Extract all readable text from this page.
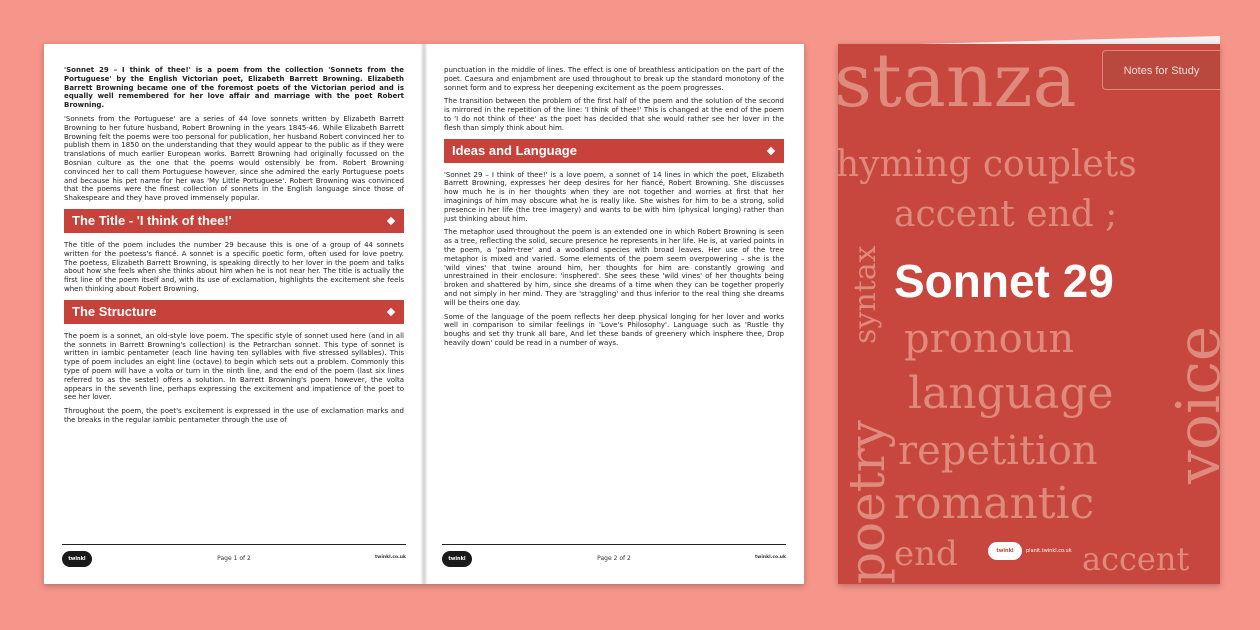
'Sonnet 29 – I think of thee!' is a poem from the collection 'Sonnets from the Portuguese' by the English Victorian poet, Elizabeth Barrett Browning. Elizabeth Barrett Browning became one of the foremost poets of the Victorian period and is equally well remembered for her love affair and marriage with the poet Robert Browning.

'Sonnets from the Portuguese' are a series of 44 love sonnets written by Elizabeth Barrett Browning to her future husband, Robert Browning in the years 1845-46. While Elizabeth Barrett Browning felt the poems were too personal for publication, her husband Robert convinced her to publish them in 1850 on the understanding that they would appear to the public as if they were translations of much earlier European works. Barrett Browning had originally focussed on the Bosnian culture as the one that the poems would ostensibly be from. Robert Browning convinced her to call them Portuguese however, since she admired the early Portuguese poets and because his pet name for her was 'My Little Portuguese'. Robert Browning was convinced that the poems were the finest collection of sonnets in the English language since those of Shakespeare and they have proved immensely popular.

The Title - 'I think of thee!'

The title of the poem includes the number 29 because this is one of a group of 44 sonnets written for the poetess's fiancé. A sonnet is a specific poetic form, often used for love poetry. The poetess, Elizabeth Barrett Browning, is speaking directly to her lover in the poem and talks about how she feels when she thinks about him when he is not near her. The title is actually the first line of the poem itself and, with its use of exclamation, highlights the excitement she feels when thinking about Robert Browning.

The Structure

The poem is a sonnet, an old-style love poem. The specific style of sonnet used here (and in all the sonnets in Barrett Browning's collection) is the Petrarchan sonnet. This type of sonnet is written in iambic pentameter (each line having ten syllables with five stressed syllables). This type of poem includes an eight line (octave) to begin which sets out a problem. Commonly this type of poem will have a volta or turn in the ninth line, and the end of the poem (last six lines referred to as the sestet) offers a solution. In Barrett Browning's poem however, the volta appears in the seventh line, perhaps expressing the excitement and impatience of the poet to see her lover.

Throughout the poem, the poet's excitement is expressed in the use of exclamation marks and the breaks in the regular iambic pentameter through the use of

twinkl	Page 1 of 2	twinkl.co.uk

punctuation in the middle of lines. The effect is one of breathless anticipation on the part of the poet. Caesura and enjambment are used throughout to break up the standard monotony of the sonnet form and to express her deepening excitement as the poem progresses.

The transition between the problem of the first half of the poem and the solution of the second is mirrored in the repetition of the line: 'I think of thee!' This is changed at the end of the poem to 'I do not think of thee' as the poet has decided that she would rather see her lover in the flesh than simply think about him.

Ideas and Language

'Sonnet 29 – I think of thee!' is a love poem, a sonnet of 14 lines in which the poet, Elizabeth Barrett Browning, expresses her deep desires for her fiancé, Robert Browning. She discusses how much he is in her thoughts when they are not together and worries at first that her imaginings of him may obscure what he is really like. She wishes for him to be a strong, solid presence in her life (the tree imagery) and wants to be with him (physical longing) rather than just thinking about him.

The metaphor used throughout the poem is an extended one in which Robert Browning is seen as a tree, reflecting the solid, secure presence he represents in her life. He is, at varied points in the poem, a 'palm-tree' and a woodland species with broad leaves. Her use of the tree metaphor is mixed and varied. Some elements of the poem seem overpowering – she is the 'wild vines' that twine around him, her thoughts for him are constantly growing and unrestrained in their enclosure: 'insphered'. She sees these 'wild vines' of her thoughts being broken and shattered by him, since she dreams of a time when they can be together properly and not simply in her mind. They are 'straggling' and thus inferior to the real thing she dreams will be theirs one day.

Some of the language of the poem reflects her deep physical longing for her lover and works well in comparison to similar feelings in 'Love's Philosophy'. Language such as 'Rustle thy boughs and set thy trunk all bare, And let these bands of greenery which insphere thee, Drop heavily down' could be read in a number of ways.

twinkl	Page 2 of 2	twinkl.co.uk
stanza
hyming couplets
accent end ;
syntax
voice
pronoun
poetry
language
repetition
romantic
end	accent
Notes for Study
Sonnet 29
twinkl	planit.twinkl.co.uk
